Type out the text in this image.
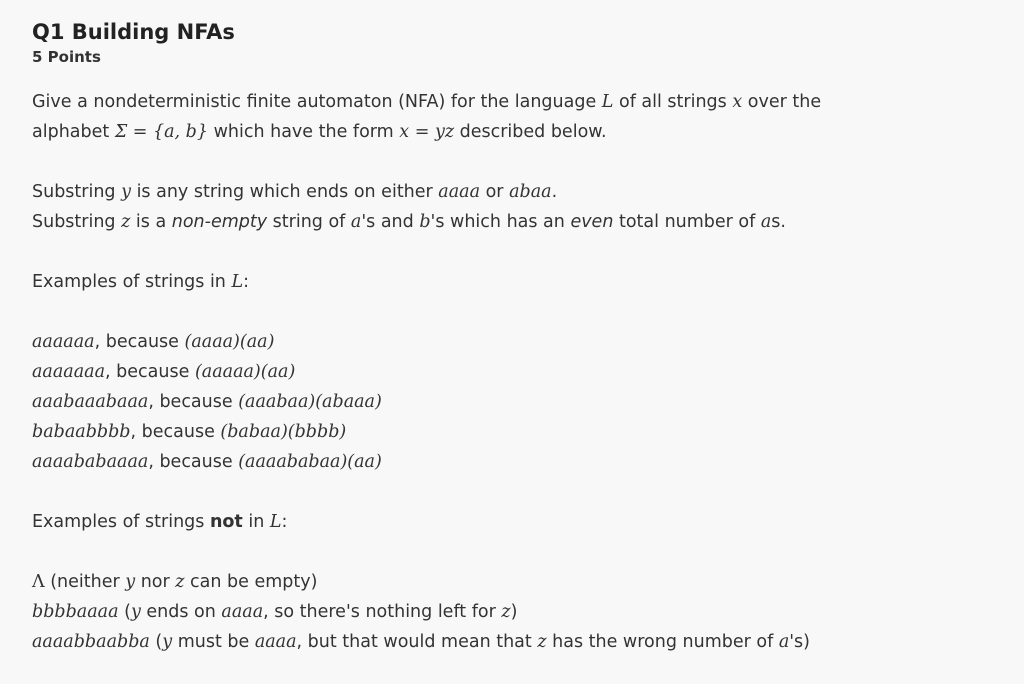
Q1 Building NFAs
5 Points

Give a nondeterministic finite automaton (NFA) for the language L of all strings x over the
alphabet Σ = {a, b} which have the form x = yz described below.

Substring y is any string which ends on either aaaa or abaa.
Substring z is a non-empty string of a's and b's which has an even total number of as.

Examples of strings in L:

aaaaaa, because (aaaa)(aa)
aaaaaaa, because (aaaaa)(aa)
aaabaaabaaa, because (aaabaa)(abaaa)
babaabbbb, because (babaa)(bbbb)
aaaababaaaa, because (aaaababaa)(aa)

Examples of strings not in L:

Λ (neither y nor z can be empty)
bbbbaaaa (y ends on aaaa, so there's nothing left for z)
aaaabbaabba (y must be aaaa, but that would mean that z has the wrong number of a's)
